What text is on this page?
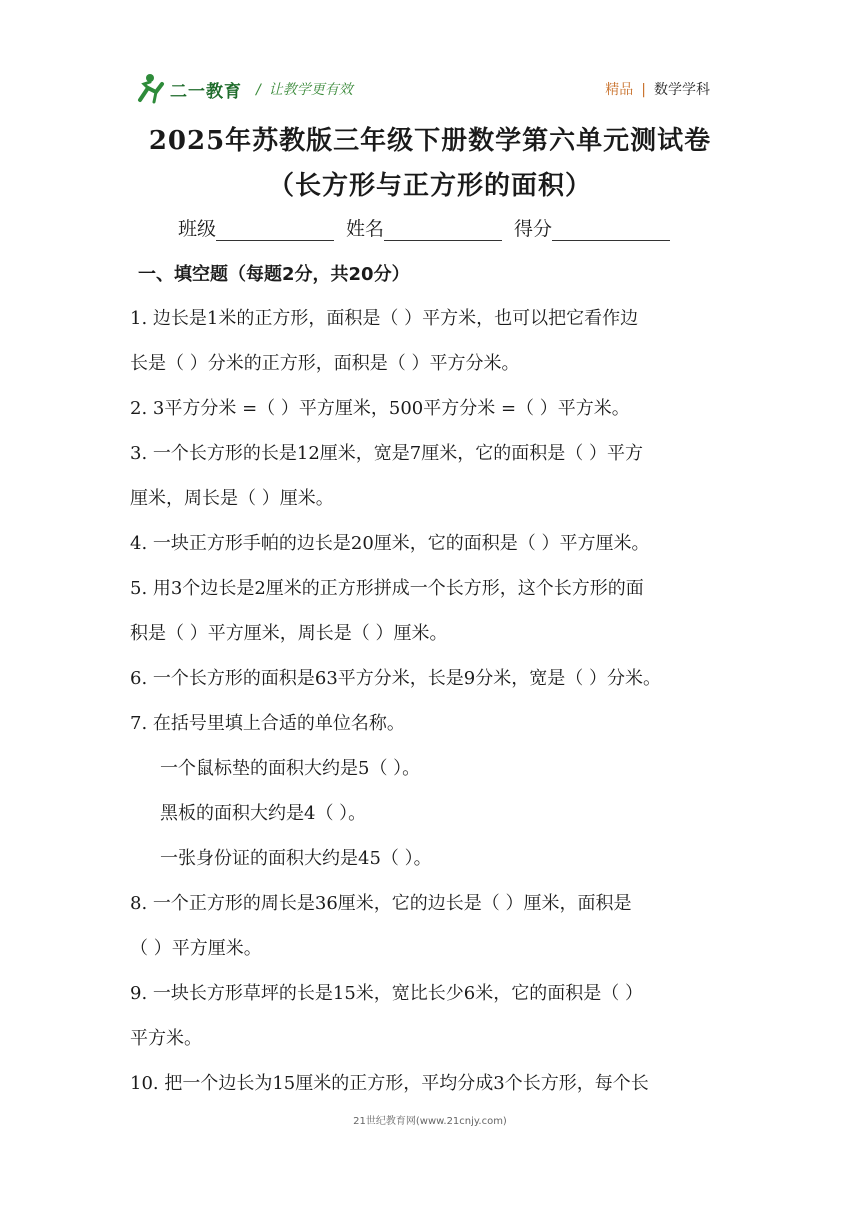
二一教育 / 让教学更有效	精品 | 数学学科
2025年苏教版三年级下册数学第六单元测试卷
（长方形与正方形的面积）
班级	姓名	得分
一、填空题（每题2分，共20分）
1. 边长是1米的正方形，面积是（ ）平方米，也可以把它看作边
长是（ ）分米的正方形，面积是（ ）平方分米。
2. 3平方分米 =（ ）平方厘米，500平方分米 =（ ）平方米。
3. 一个长方形的长是12厘米，宽是7厘米，它的面积是（ ）平方
厘米，周长是（ ）厘米。
4. 一块正方形手帕的边长是20厘米，它的面积是（ ）平方厘米。
5. 用3个边长是2厘米的正方形拼成一个长方形，这个长方形的面
积是（ ）平方厘米，周长是（ ）厘米。
6. 一个长方形的面积是63平方分米，长是9分米，宽是（ ）分米。
7. 在括号里填上合适的单位名称。
一个鼠标垫的面积大约是5（ ）。
黑板的面积大约是4（ ）。
一张身份证的面积大约是45（ ）。
8. 一个正方形的周长是36厘米，它的边长是（ ）厘米，面积是
（ ）平方厘米。
9. 一块长方形草坪的长是15米，宽比长少6米，它的面积是（ ）
平方米。
10. 把一个边长为15厘米的正方形，平均分成3个长方形，每个长
21世纪教育网(www.21cnjy.com)
